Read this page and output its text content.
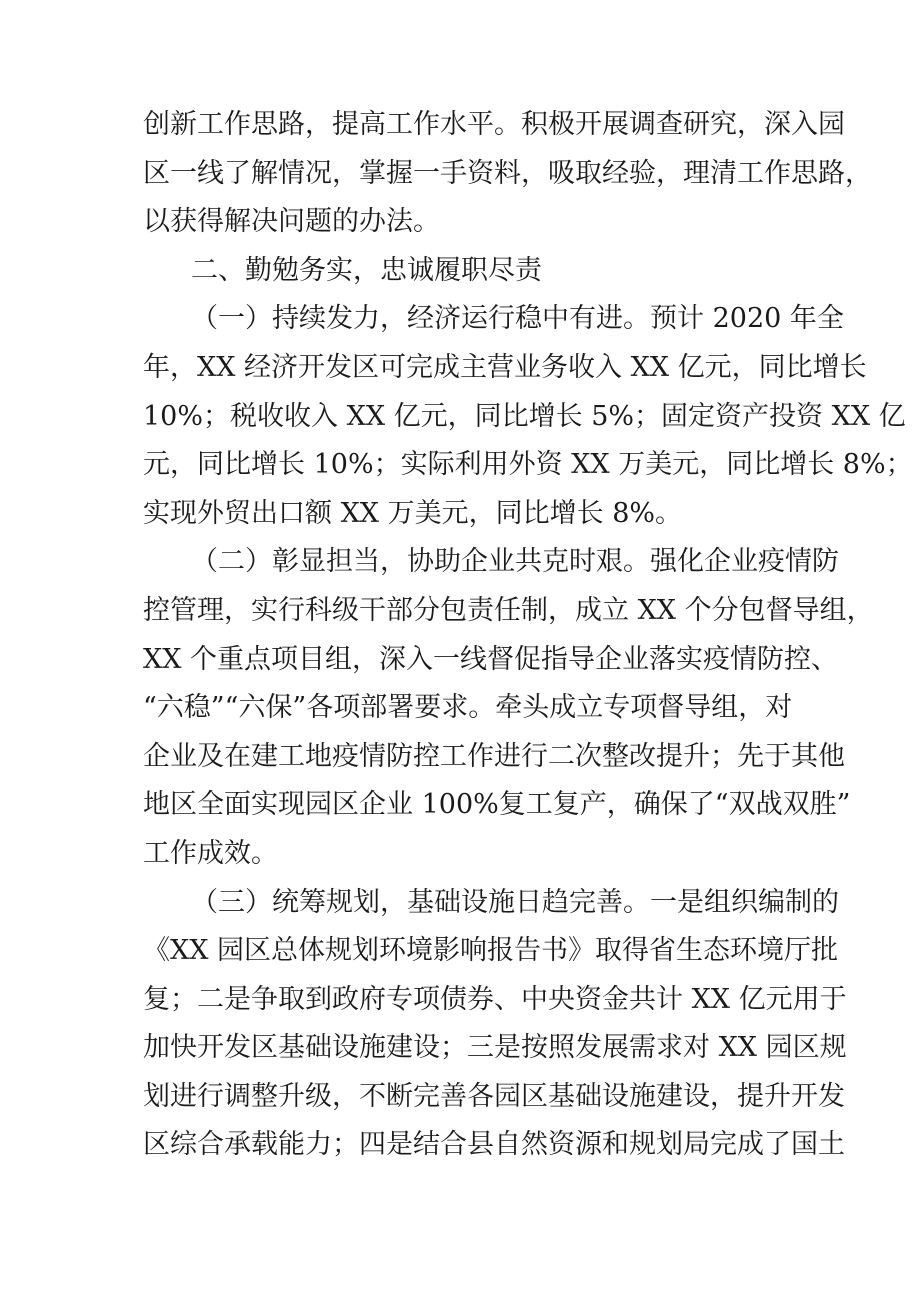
创新工作思路，提高工作水平。积极开展调查研究，深入园
区一线了解情况，掌握一手资料，吸取经验，理清工作思路，
以获得解决问题的办法。
二、勤勉务实，忠诚履职尽责
（一）持续发力，经济运行稳中有进。预计 2020 年全
年，XX 经济开发区可完成主营业务收入 XX 亿元，同比增长
10%；税收收入 XX 亿元，同比增长 5%；固定资产投资 XX 亿
元，同比增长 10%；实际利用外资 XX 万美元，同比增长 8%；
实现外贸出口额 XX 万美元，同比增长 8%。
（二）彰显担当，协助企业共克时艰。强化企业疫情防
控管理，实行科级干部分包责任制，成立 XX 个分包督导组，
XX 个重点项目组，深入一线督促指导企业落实疫情防控、
“六稳”“六保”各项部署要求。牵头成立专项督导组，对
企业及在建工地疫情防控工作进行二次整改提升；先于其他
地区全面实现园区企业 100%复工复产，确保了“双战双胜”
工作成效。
（三）统筹规划，基础设施日趋完善。一是组织编制的
《XX 园区总体规划环境影响报告书》取得省生态环境厅批
复；二是争取到政府专项债券、中央资金共计 XX 亿元用于
加快开发区基础设施建设；三是按照发展需求对 XX 园区规
划进行调整升级，不断完善各园区基础设施建设，提升开发
区综合承载能力；四是结合县自然资源和规划局完成了国土
